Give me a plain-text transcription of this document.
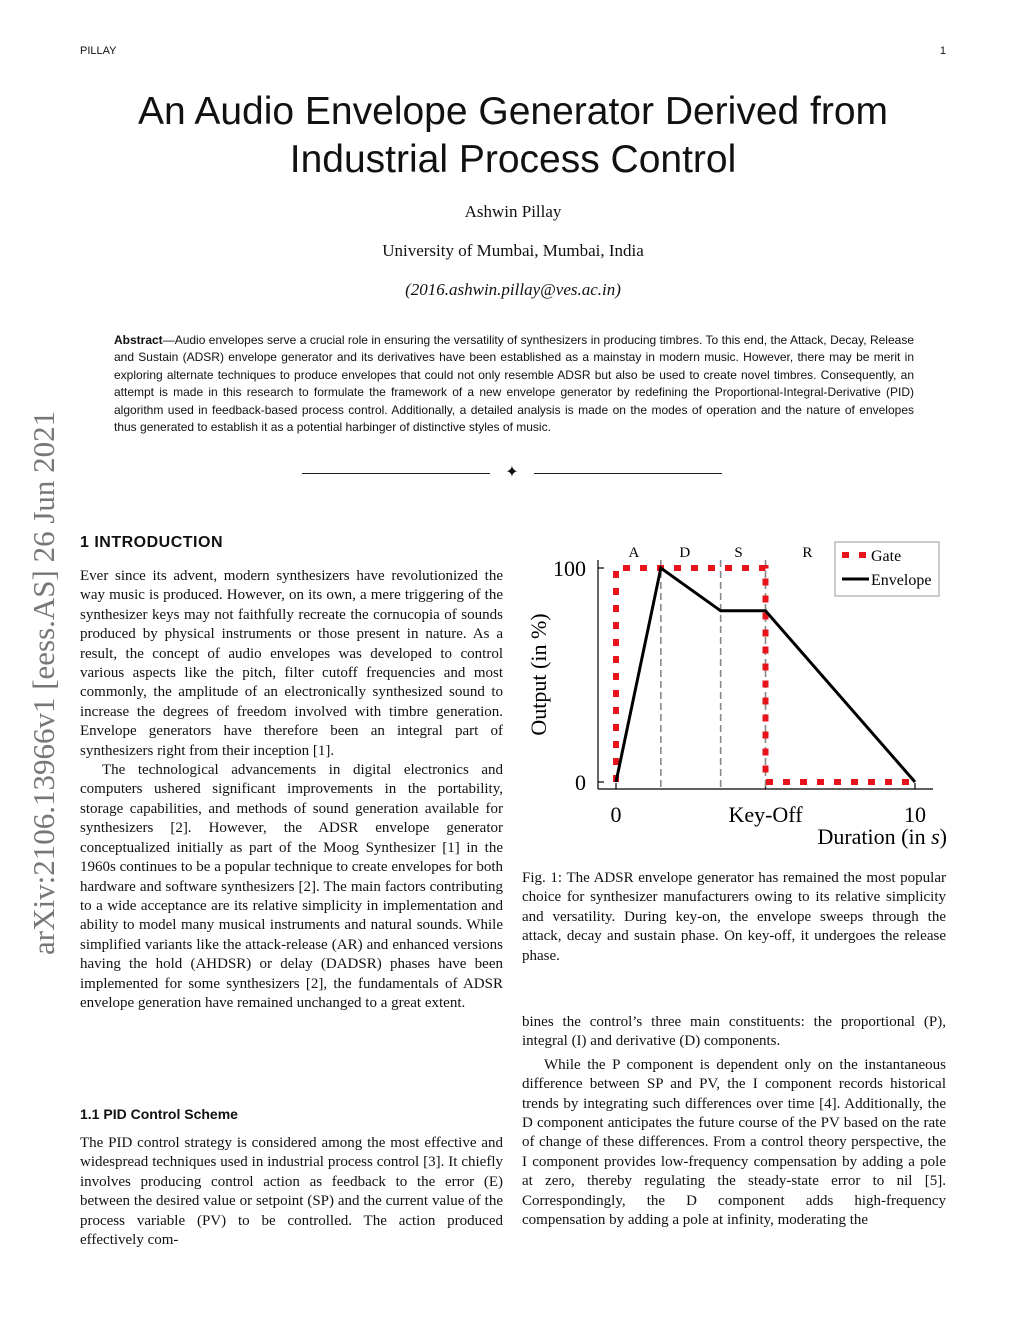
PILLAY	1
arXiv:2106.13966v1 [eess.AS] 26 Jun 2021
An Audio Envelope Generator Derived from
Industrial Process Control
Ashwin Pillay
University of Mumbai, Mumbai, India
(2016.ashwin.pillay@ves.ac.in)
Abstract—Audio envelopes serve a crucial role in ensuring the versatility of synthesizers in producing timbres. To this end, the Attack, Decay, Release and Sustain (ADSR) envelope generator and its derivatives have been established as a mainstay in modern music. However, there may be merit in exploring alternate techniques to produce envelopes that could not only resemble ADSR but also be used to create novel timbres. Consequently, an attempt is made in this research to formulate the framework of a new envelope generator by redefining the Proportional-Integral-Derivative (PID) algorithm used in feedback-based process control. Additionally, a detailed analysis is made on the modes of operation and the nature of envelopes thus generated to establish it as a potential harbinger of distinctive styles of music.
✦
1 INTRODUCTION

Ever since its advent, modern synthesizers have revolutionized the way music is produced. However, on its own, a mere triggering of the synthesizer keys may not faithfully recreate the cornucopia of sounds produced by physical instruments or those present in nature. As a result, the concept of audio envelopes was developed to control various aspects like the pitch, filter cutoff frequencies and most commonly, the amplitude of an electronically synthesized sound to increase the degrees of freedom involved with timbre generation. Envelope generators have therefore been an integral part of synthesizers right from their inception [1].

The technological advancements in digital electronics and computers ushered significant improvements in the portability, storage capabilities, and methods of sound generation available for synthesizers [2]. However, the ADSR envelope generator conceptualized initially as part of the Moog Synthesizer [1] in the 1960s continues to be a popular technique to create envelopes for both hardware and software synthesizers [2]. The main factors contributing to a wide acceptance are its relative simplicity in implementation and ability to model many musical instruments and natural sounds. While simplified variants like the attack-release (AR) and enhanced versions having the hold (AHDSR) or delay (DADSR) phases have been implemented for some synthesizers [2], the fundamentals of ADSR envelope generation have remained unchanged to a great extent.

1.1 PID Control Scheme

The PID control strategy is considered among the most effective and widespread techniques used in industrial process control [3]. It chiefly involves producing control action as feedback to the error (E) between the desired value or setpoint (SP) and the current value of the process variable (PV) to be controlled. The action produced effectively com-

0
100
0	Key-Off	10
Output (in %)
Duration (in s)
A	D	S	R	Gate
Envelope
Fig. 1: The ADSR envelope generator has remained the most popular choice for synthesizer manufacturers owing to its relative simplicity and versatility. During key-on, the envelope sweeps through the attack, decay and sustain phase. On key-off, it undergoes the release phase.

bines the control’s three main constituents: the proportional (P), integral (I) and derivative (D) components.

While the P component is dependent only on the instantaneous difference between SP and PV, the I component records historical trends by integrating such differences over time [4]. Additionally, the D component anticipates the future course of the PV based on the rate of change of these differences. From a control theory perspective, the I component provides low-frequency compensation by adding a pole at zero, thereby regulating the steady-state error to nil [5]. Correspondingly, the D component adds high-frequency compensation by adding a pole at infinity, moderating the
